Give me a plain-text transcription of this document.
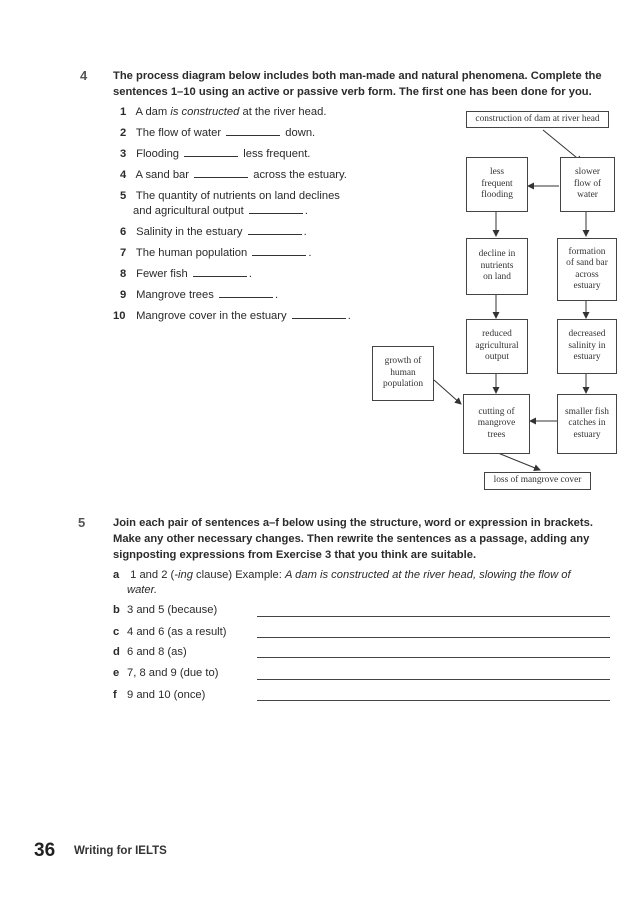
4 The process diagram below includes both man-made and natural phenomena. Complete the
sentences 1–10 using an active or passive verb form. The first one has been done for you.
1 A dam is constructed at the river head.
2 The flow of water	down.
3 Flooding	less frequent.
4 A sand bar	across the estuary.
5 The quantity of nutrients on land declines
and agricultural output	.
6 Salinity in the estuary	.
7 The human population	.
8 Fewer fish	.
9 Mangrove trees	.
10 Mangrove cover in the estuary	.
construction of dam at river head
less
frequent
flooding
slower
flow of
water
decline in
nutrients
on land
formation
of sand bar
across
estuary
reduced
agricultural
output
decreased
salinity in
estuary
growth of
human
population
cutting of
mangrove
trees
smaller fish
catches in
estuary
loss of mangrove cover
5 Join each pair of sentences a–f below using the structure, word or expression in brackets.
Make any other necessary changes. Then rewrite the sentences as a passage, adding any
signposting expressions from Exercise 3 that you think are suitable.
a 1 and 2 (-ing clause) Example: A dam is constructed at the river head, slowing the flow of
water.
b 3 and 5 (because)
c 4 and 6 (as a result)
d 6 and 8 (as)
e 7, 8 and 9 (due to)
f 9 and 10 (once)
36 Writing for IELTS
